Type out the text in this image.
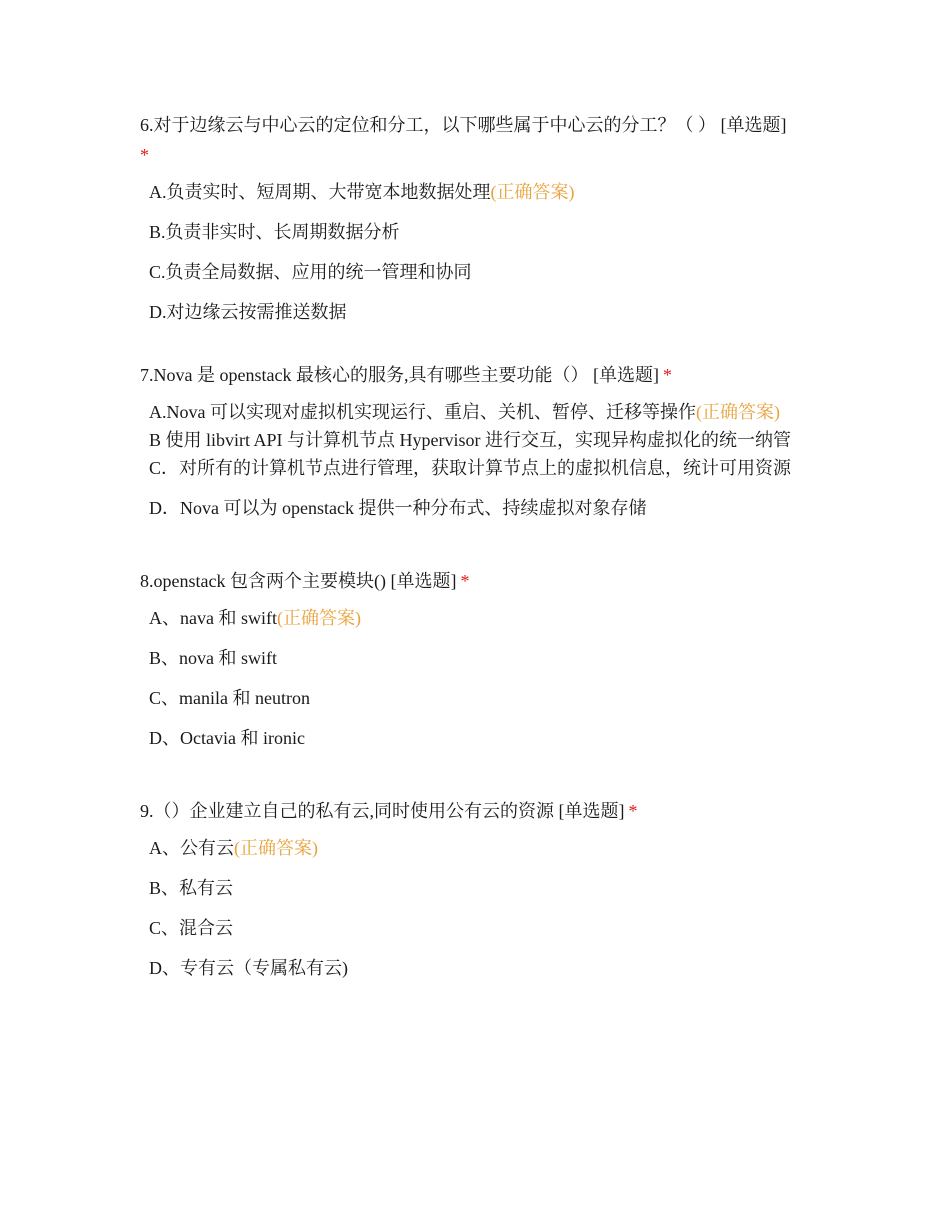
6.对于边缘云与中心云的定位和分工，以下哪些属于中心云的分工？（ ） [单选题]
*

A.负责实时、短周期、大带宽本地数据处理(正确答案)
B.负责非实时、长周期数据分析
C.负责全局数据、应用的统一管理和协同
D.对边缘云按需推送数据

7.Nova 是 openstack 最核心的服务,具有哪些主要功能（） [单选题] *

A.Nova 可以实现对虚拟机实现运行、重启、关机、暂停、迁移等操作(正确答案)
B 使用 libvirt API 与计算机节点 Hypervisor 进行交互，实现异构虚拟化的统一纳管
C．对所有的计算机节点进行管理，获取计算节点上的虚拟机信息，统计可用资源
D．Nova 可以为 openstack 提供一种分布式、持续虚拟对象存储

8.openstack 包含两个主要模块() [单选题] *

A、nava 和 swift(正确答案)
B、nova 和 swift
C、manila 和 neutron
D、Octavia 和 ironic

9.（）企业建立自己的私有云,同时使用公有云的资源 [单选题] *

A、公有云(正确答案)
B、私有云
C、混合云
D、专有云（专属私有云)
